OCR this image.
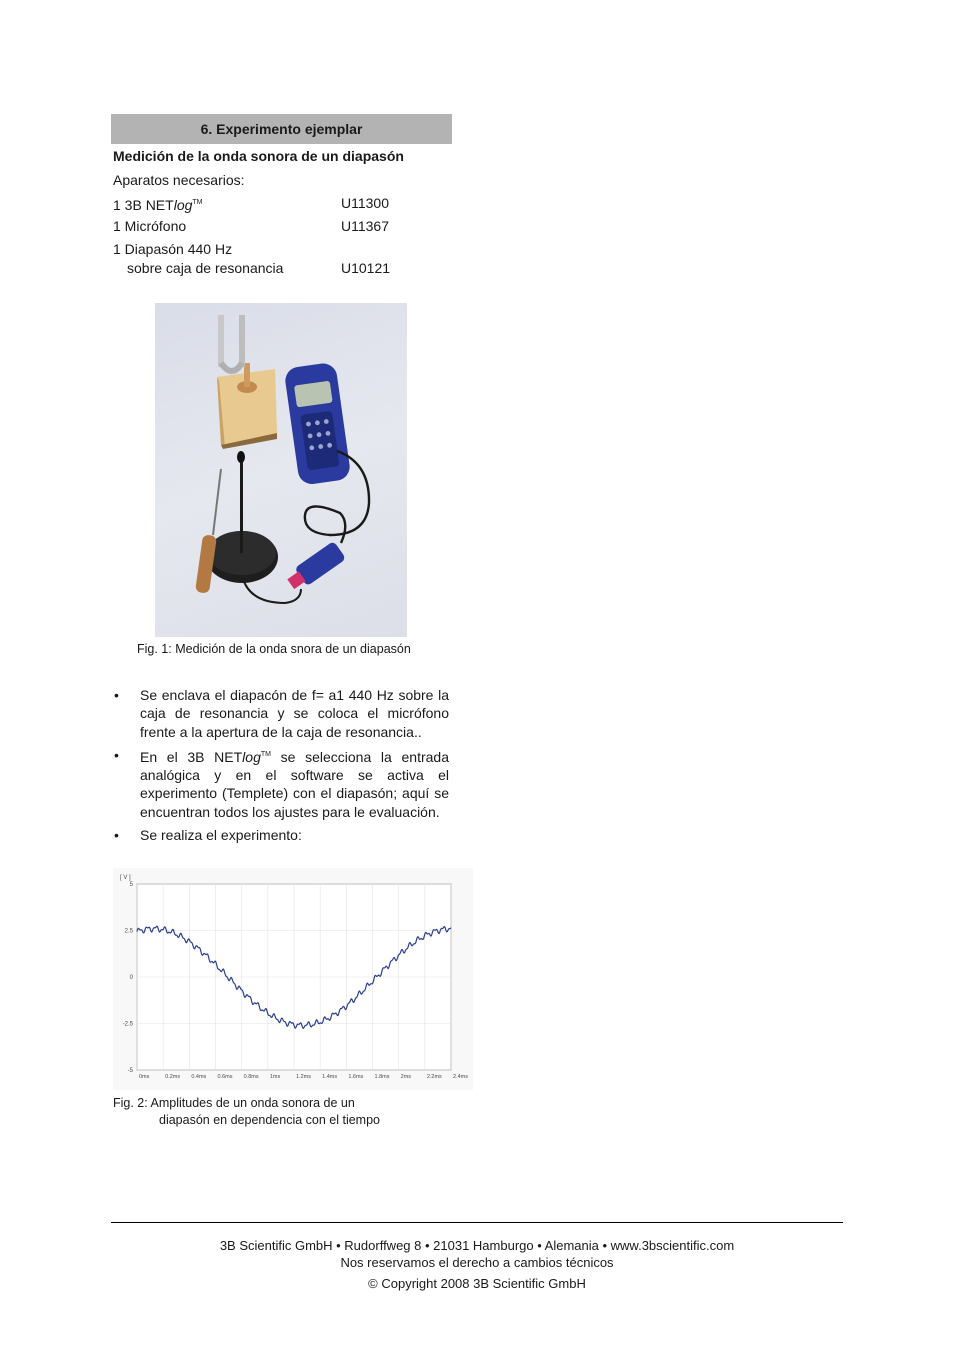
6. Experimento ejemplar
Medición de la onda sonora de un diapasón
Aparatos necesarios:
1 3B NETlog™	U11300
1 Micrófono	U11367
1 Diapasón 440 Hz
sobre caja de resonancia	U10121
Fig. 1: Medición de la onda snora de un diapasón
• Se enclava el diapacón de f= a1 440 Hz sobre la caja de resonancia y se coloca el micrófono frente a la apertura de la caja de resonancia..
• En el 3B NETlog™ se selecciona la entrada analógica y en el software se activa el experimento (Templete) con el diapasón; aquí se encuentran todos los ajustes para le evaluación.
• Se realiza el experimento:
5
2.5
0
-2.5
-5
0ms	0.2ms 0.4ms 0.6ms 0.8ms 1ms	1.2ms 1.4ms 1.6ms 1.8ms 2ms	2.2ms 2.4ms
[ V ]
Fig. 2: Amplitudes de un onda sonora de un
diapasón en dependencia con el tiempo
3B Scientific GmbH • Rudorffweg 8 • 21031 Hamburgo • Alemania • www.3bscientific.com
Nos reservamos el derecho a cambios técnicos
© Copyright 2008 3B Scientific GmbH
